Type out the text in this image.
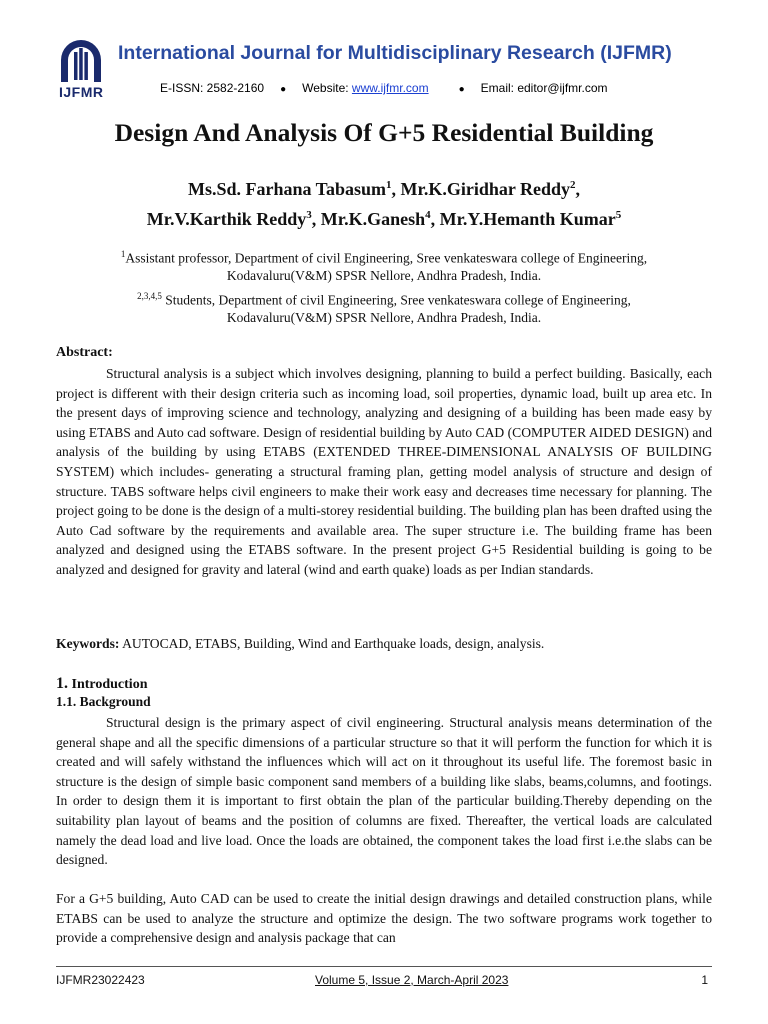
IJFMR
International Journal for Multidisciplinary Research (IJFMR)
E-ISSN: 2582-2160 ● Website: www.ijfmr.com	● Email: editor@ijfmr.com
Design And Analysis Of G+5 Residential Building
Ms.Sd. Farhana Tabasum$^1$, Mr.K.Giridhar Reddy$^2$,
Mr.V.Karthik Reddy$^3$, Mr.K.Ganesh$^4$, Mr.Y.Hemanth Kumar$^5$
$^1$Assistant professor, Department of civil Engineering, Sree venkateswara college of Engineering,
Kodavaluru(V&M) SPSR Nellore, Andhra Pradesh, India.
$^{2,3,4,5}$ Students, Department of civil Engineering, Sree venkateswara college of Engineering,
Kodavaluru(V&M) SPSR Nellore, Andhra Pradesh, India.
Abstract:
Structural analysis is a subject which involves designing, planning to build a perfect building. Basically, each project is different with their design criteria such as incoming load, soil properties, dynamic load, built up area etc. In the present days of improving science and technology, analyzing and designing of a building has been made easy by using ETABS and Auto cad software. Design of residential building by Auto CAD (COMPUTER AIDED DESIGN) and analysis of the building by using ETABS (EXTENDED THREE-DIMENSIONAL ANALYSIS OF BUILDING SYSTEM) which includes- generating a structural framing plan, getting model analysis of structure and design of structure. TABS software helps civil engineers to make their work easy and decreases time necessary for planning. The project going to be done is the design of a multi-storey residential building. The building plan has been drafted using the Auto Cad software by the requirements and available area. The super structure i.e. The building frame has been analyzed and designed using the ETABS software. In the present project G+5 Residential building is going to be analyzed and designed for gravity and lateral (wind and earth quake) loads as per Indian standards.
Keywords: AUTOCAD, ETABS, Building, Wind and Earthquake loads, design, analysis.
1. Introduction
1.1. Background
Structural design is the primary aspect of civil engineering. Structural analysis means determination of the general shape and all the specific dimensions of a particular structure so that it will perform the function for which it is created and will safely withstand the influences which will act on it throughout its useful life. The foremost basic in structure is the design of simple basic component sand members of a building like slabs, beams,columns, and footings. In order to design them it is important to first obtain the plan of the particular building.Thereby depending on the suitability plan layout of beams and the position of columns are fixed. Thereafter, the vertical loads are calculated namely the dead load and live load. Once the loads are obtained, the component takes the load first i.e.the slabs can be designed.
For a G+5 building, Auto CAD can be used to create the initial design drawings and detailed construction plans, while ETABS can be used to analyze the structure and optimize the design. The two software programs work together to provide a comprehensive design and analysis package that can
IJFMR23022423	Volume 5, Issue 2, March-April 2023	1
